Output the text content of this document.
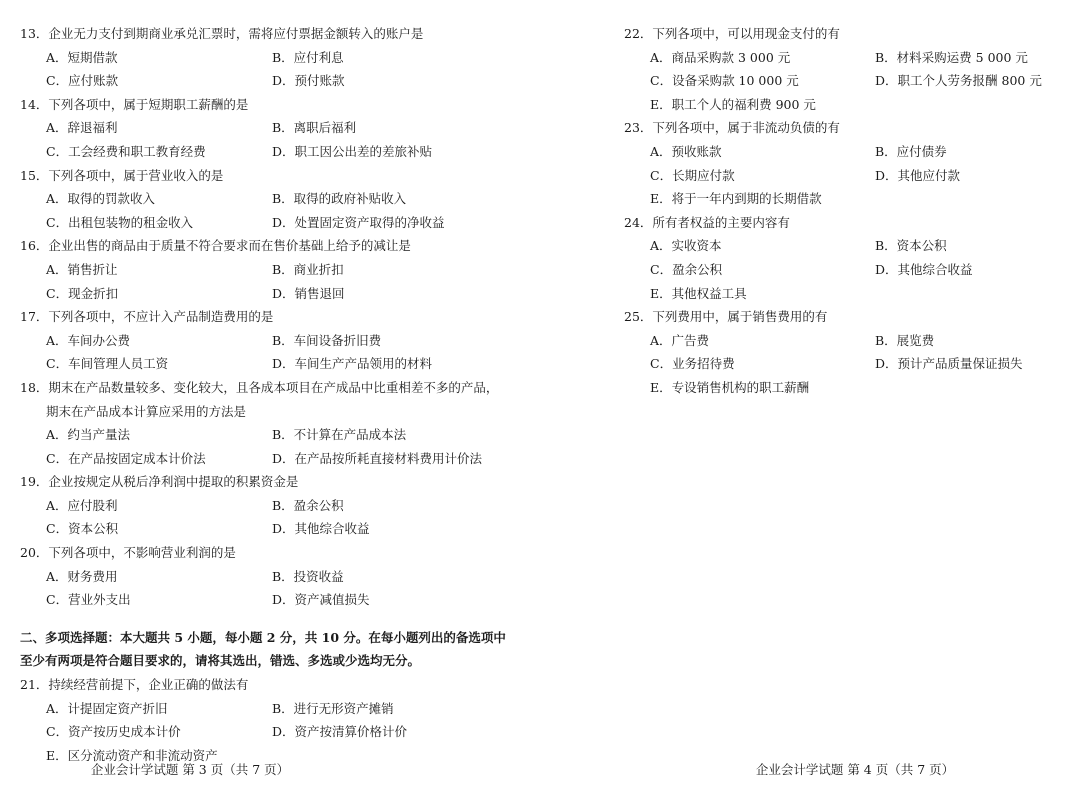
13．企业无力支付到期商业承兑汇票时，需将应付票据金额转入的账户是
A．短期借款	B．应付利息
C．应付账款	D．预付账款
14．下列各项中，属于短期职工薪酬的是
A．辞退福利	B．离职后福利
C．工会经费和职工教育经费	D．职工因公出差的差旅补贴
15．下列各项中，属于营业收入的是
A．取得的罚款收入	B．取得的政府补贴收入
C．出租包装物的租金收入	D．处置固定资产取得的净收益
16．企业出售的商品由于质量不符合要求而在售价基础上给予的减让是
A．销售折让	B．商业折扣
C．现金折扣	D．销售退回
17．下列各项中，不应计入产品制造费用的是
A．车间办公费	B．车间设备折旧费
C．车间管理人员工资	D．车间生产产品领用的材料
18．期末在产品数量较多、变化较大，且各成本项目在产成品中比重相差不多的产品，
期末在产品成本计算应采用的方法是
A．约当产量法	B．不计算在产品成本法
C．在产品按固定成本计价法	D．在产品按所耗直接材料费用计价法
19．企业按规定从税后净利润中提取的积累资金是
A．应付股利	B．盈余公积
C．资本公积	D．其他综合收益
20．下列各项中，不影响营业利润的是
A．财务费用	B．投资收益
C．营业外支出	D．资产减值损失
二、多项选择题：本大题共 5 小题，每小题 2 分，共 10 分。在每小题列出的备选项中
至少有两项是符合题目要求的，请将其选出，错选、多选或少选均无分。
21．持续经营前提下，企业正确的做法有
A．计提固定资产折旧	B．进行无形资产摊销
C．资产按历史成本计价	D．资产按清算价格计价
E．区分流动资产和非流动资产
企业会计学试题 第 3 页（共 7 页）
22．下列各项中，可以用现金支付的有
A．商品采购款 3 000 元	B．材料采购运费 5 000 元
C．设备采购款 10 000 元	D．职工个人劳务报酬 800 元
E．职工个人的福利费 900 元
23．下列各项中，属于非流动负债的有
A．预收账款	B．应付债券
C．长期应付款	D．其他应付款
E．将于一年内到期的长期借款
24．所有者权益的主要内容有
A．实收资本	B．资本公积
C．盈余公积	D．其他综合收益
E．其他权益工具
25．下列费用中，属于销售费用的有
A．广告费	B．展览费
C．业务招待费	D．预计产品质量保证损失
E．专设销售机构的职工薪酬
企业会计学试题 第 4 页（共 7 页）
